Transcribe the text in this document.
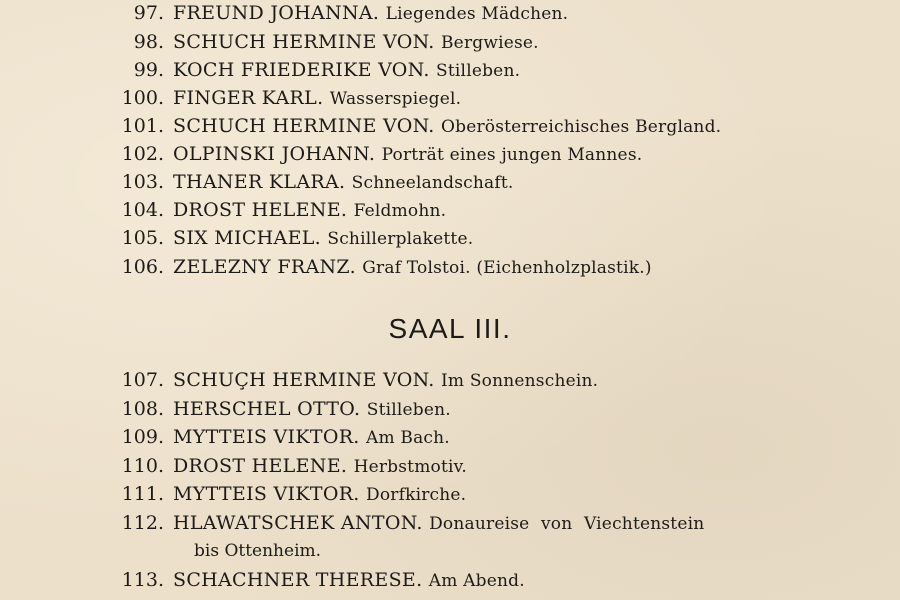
97. FREUND JOHANNA. Liegendes Mädchen.
98. SCHUCH HERMINE VON. Bergwiese.
99. KOCH FRIEDERIKE VON. Stilleben.
100. FINGER KARL. Wasserspiegel.
101. SCHUCH HERMINE VON. Oberösterreichisches Bergland.
102. OLPINSKI JOHANN. Porträt eines jungen Mannes.
103. THANER KLARA. Schneelandschaft.
104. DROST HELENE. Feldmohn.
105. SIX MICHAEL. Schillerplakette.
106. ZELEZNY FRANZ. Graf Tolstoi. (Eichenholzplastik.)
SAAL III.
107. SCHUÇH HERMINE VON. Im Sonnenschein.
108. HERSCHEL OTTO. Stilleben.
109. MYTTEIS VIKTOR. Am Bach.
110. DROST HELENE. Herbstmotiv.
111. MYTTEIS VIKTOR. Dorfkirche.
112. HLAWATSCHEK ANTON. Donaureise von Viechtenstein
bis Ottenheim.
113. SCHACHNER THERESE. Am Abend.
